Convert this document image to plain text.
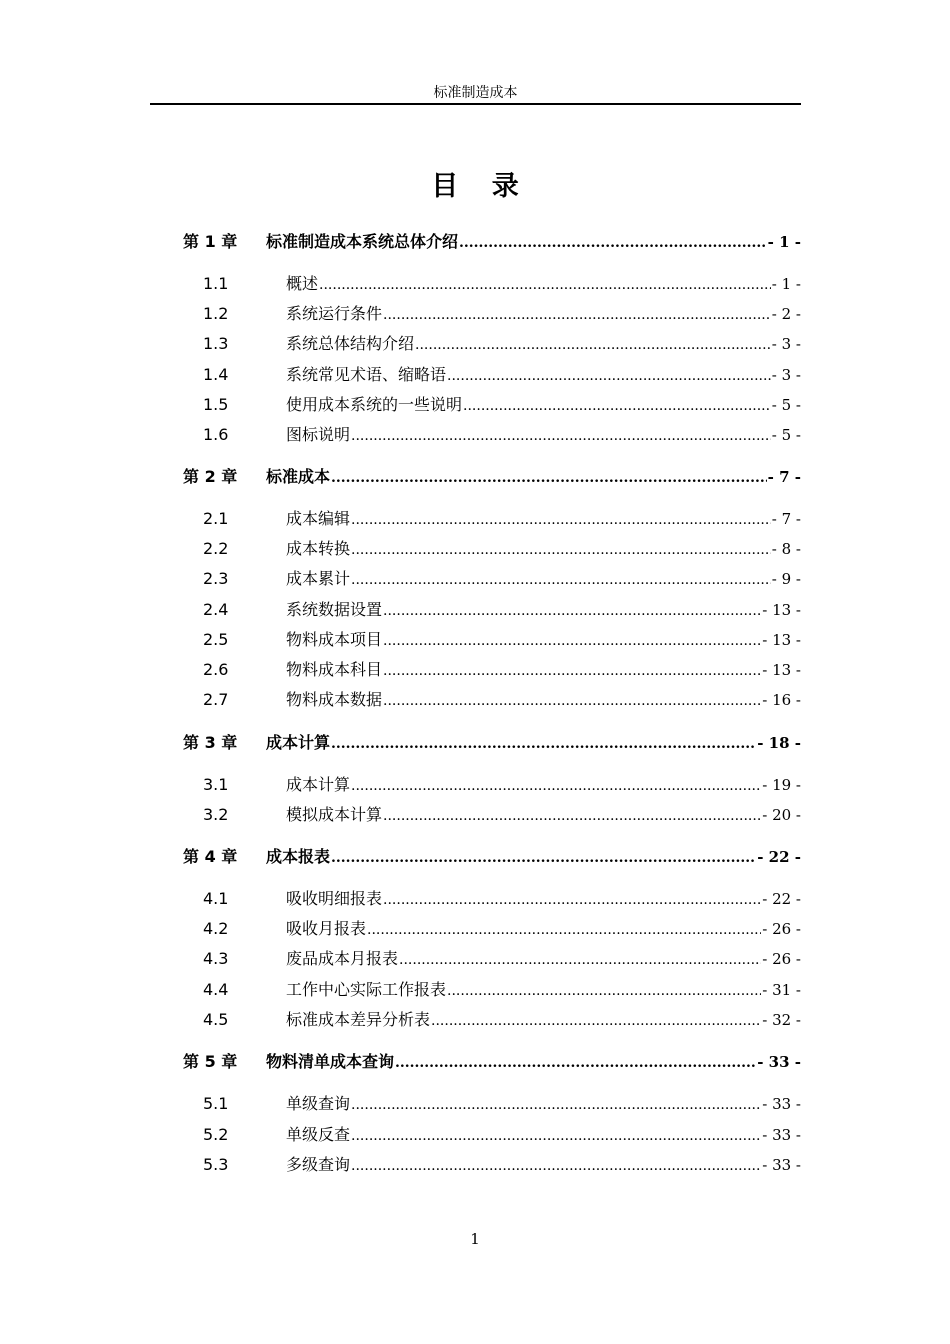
标准制造成本
目 录
第 1 章	标准制造成本系统总体介绍 .....	- 1 -
1.1	概述 .....	- 1 -
1.2	系统运行条件 .....	- 2 -
1.3	系统总体结构介绍 .....	- 3 -
1.4	系统常见术语、缩略语 .....	- 3 -
1.5	使用成本系统的一些说明 .....	- 5 -
1.6	图标说明 .....	- 5 -
第 2 章	标准成本 .....	- 7 -
2.1	成本编辑 .....	- 7 -
2.2	成本转换 .....	- 8 -
2.3	成本累计 .....	- 9 -
2.4	系统数据设置 .....	- 13 -
2.5	物料成本项目 .....	- 13 -
2.6	物料成本科目 .....	- 13 -
2.7	物料成本数据 .....	- 16 -
第 3 章	成本计算 .....	- 18 -
3.1	成本计算 .....	- 19 -
3.2	模拟成本计算 .....	- 20 -
第 4 章	成本报表 .....	- 22 -
4.1	吸收明细报表 .....	- 22 -
4.2	吸收月报表 .....	- 26 -
4.3	废品成本月报表 .....	- 26 -
4.4	工作中心实际工作报表 .....	- 31 -
4.5	标准成本差异分析表 .....	- 32 -
第 5 章	物料清单成本查询 .....	- 33 -
5.1	单级查询 .....	- 33 -
5.2	单级反查 .....	- 33 -
5.3	多级查询 .....	- 33 -
1
